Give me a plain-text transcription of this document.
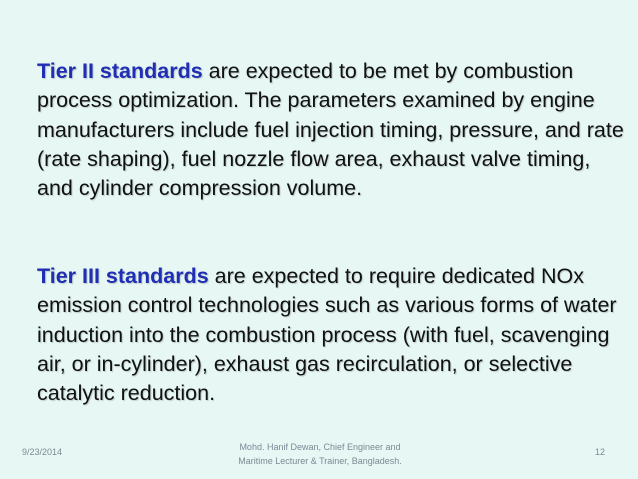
Tier II standards are expected to be met by combustion process optimization. The parameters examined by engine manufacturers include fuel injection timing, pressure, and rate (rate shaping), fuel nozzle flow area, exhaust valve timing, and cylinder compression volume.

Tier III standards are expected to require dedicated NOx emission control technologies such as various forms of water induction into the combustion process (with fuel, scavenging air, or in-cylinder), exhaust gas recirculation, or selective catalytic reduction.

9/23/2014	Mohd. Hanif Dewan, Chief Engineer and
Maritime Lecturer & Trainer, Bangladesh.
12
